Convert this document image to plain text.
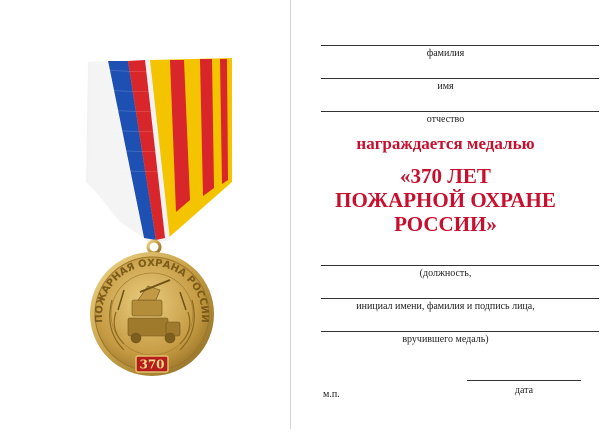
ПОЖАРНАЯ ОХРАНА РОССИИ
370
фамилия
имя
отчество
награждается медалью
«370 ЛЕТ
ПОЖАРНОЙ ОХРАНЕ
РОССИИ»
(должность,
инициал имени, фамилия и подпись лица,
вручившего медаль)
м.п.	дата
